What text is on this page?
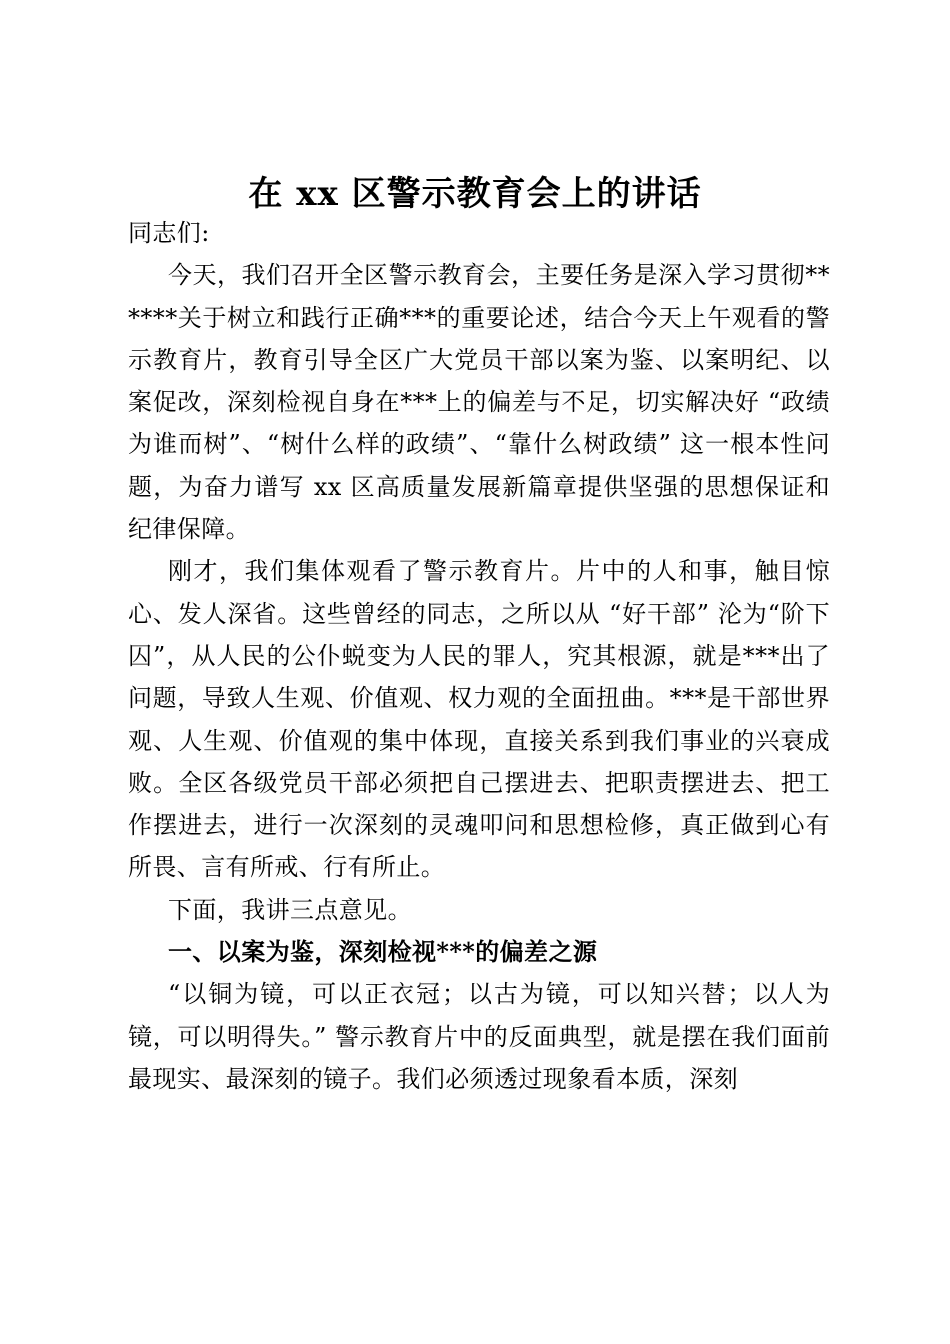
在 xx 区警示教育会上的讲话

同志们:

今天，我们召开全区警示教育会，主要任务是深入学习贯彻******关于树立和践行正确***的重要论述，结合今天上午观看的警示教育片，教育引导全区广大党员干部以案为鉴、以案明纪、以案促改，深刻检视自身在***上的偏差与不足，切实解决好 “政绩为谁而树”、“树什么样的政绩”、“靠什么树政绩” 这一根本性问题，为奋力谱写 xx 区高质量发展新篇章提供坚强的思想保证和纪律保障。

刚才，我们集体观看了警示教育片。片中的人和事，触目惊心、发人深省。这些曾经的同志，之所以从 “好干部” 沦为“阶下囚”，从人民的公仆蜕变为人民的罪人，究其根源，就是***出了问题，导致人生观、价值观、权力观的全面扭曲。***是干部世界观、人生观、价值观的集中体现，直接关系到我们事业的兴衰成败。全区各级党员干部必须把自己摆进去、把职责摆进去、把工作摆进去，进行一次深刻的灵魂叩问和思想检修，真正做到心有所畏、言有所戒、行有所止。

下面，我讲三点意见。

一、以案为鉴，深刻检视***的偏差之源

“以铜为镜，可以正衣冠；以古为镜，可以知兴替；以人为镜，可以明得失。” 警示教育片中的反面典型，就是摆在我们面前最现实、最深刻的镜子。我们必须透过现象看本质，深刻
